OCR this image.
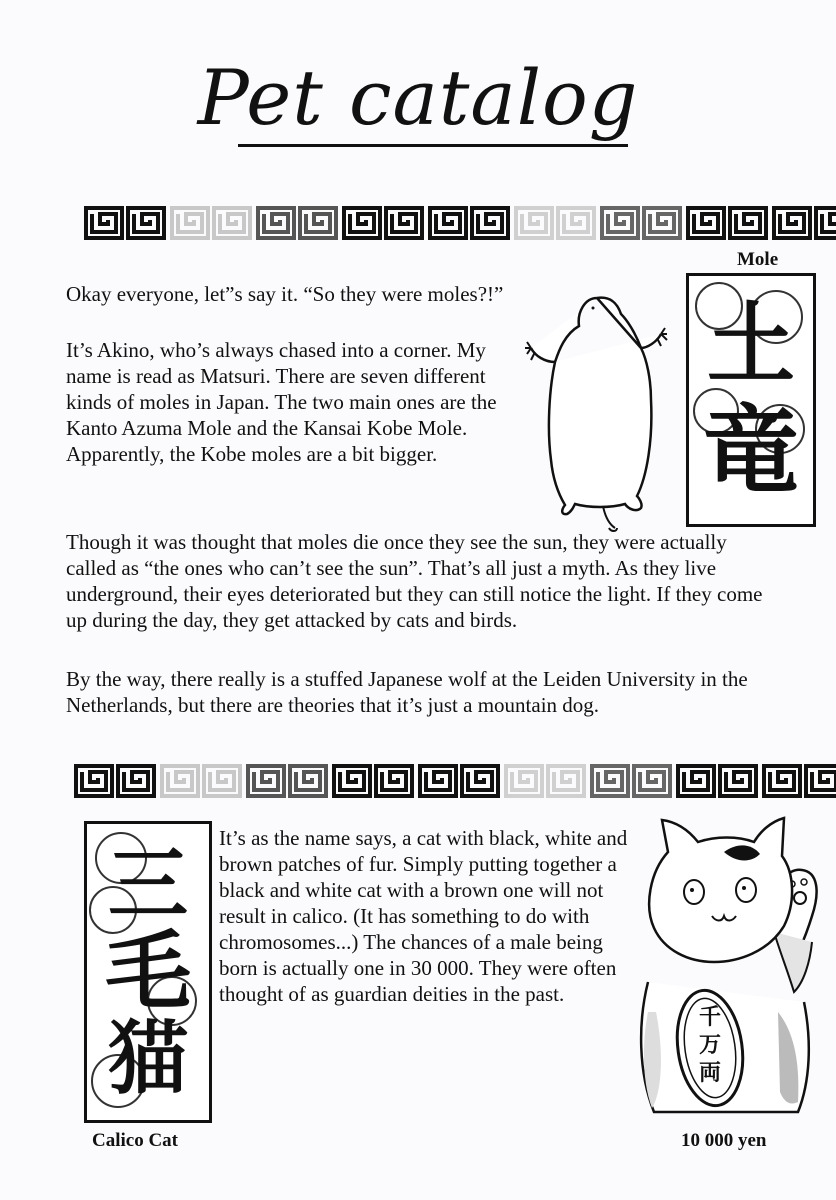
Pet catalog
Mole
Okay everyone, let”s say it. “So they were moles?!”
It’s Akino, who’s always chased into a corner. My name is read as Matsuri. There are seven different kinds of moles in Japan. The two main ones are the Kanto Azuma Mole and the Kansai Kobe Mole. Apparently, the Kobe moles are a bit bigger.
Though it was thought that moles die once they see the sun, they were actually called as “the ones who can’t see the sun”. That’s all just a myth. As they live underground, their eyes deteriorated but they can still notice the light. If they come up during the day, they get attacked by cats and birds.
By the way, there really is a stuffed Japanese wolf at the Leiden University in the Netherlands, but there are theories that it’s just a mountain dog.
土
竜
三
毛
猫
It’s as the name says, a cat with black, white and brown patches of fur. Simply putting together a black and white cat with a brown one will not result in calico. (It has something to do with chromosomes...) The chances of a male being born is actually one in 30 000. They were often thought of as guardian deities in the past.
千
万
両
Calico Cat	10 000 yen
